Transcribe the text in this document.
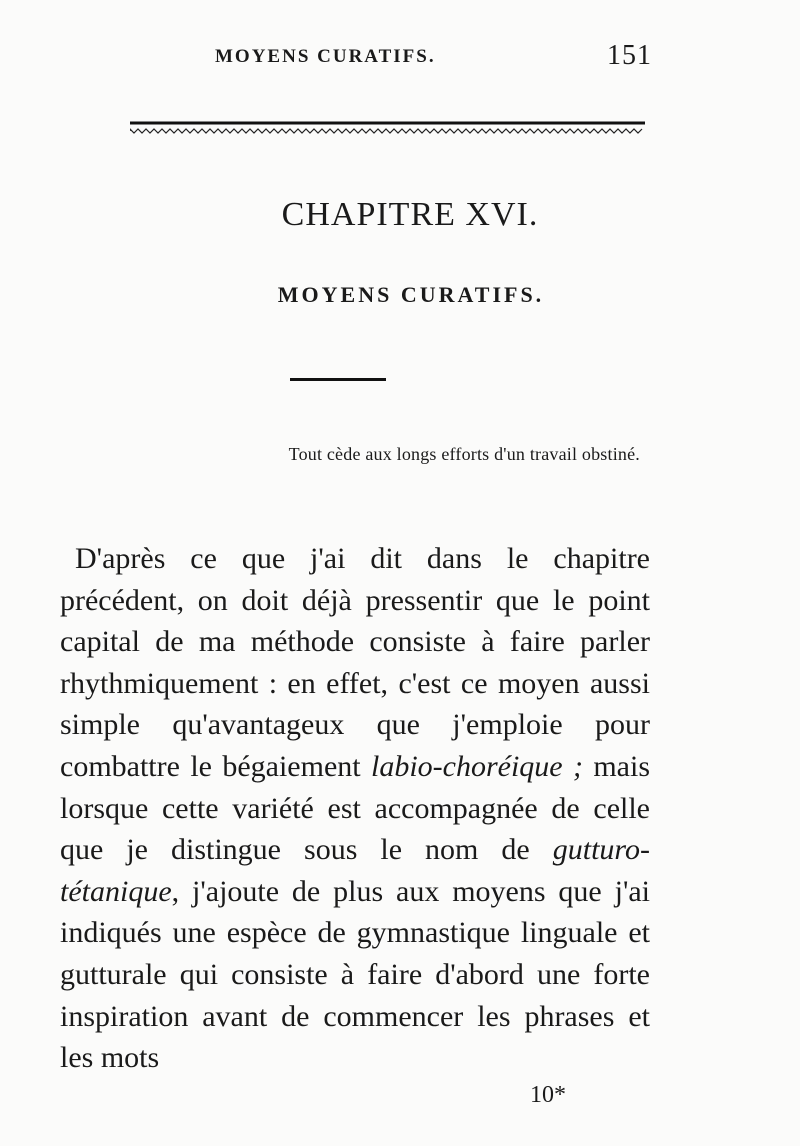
MOYENS CURATIFS.	151
CHAPITRE XVI.
MOYENS CURATIFS.
Tout cède aux longs efforts d'un travail obstiné.

D'après ce que j'ai dit dans le chapitre précédent, on doit déjà pressentir que le point capital de ma méthode consiste à faire parler rhythmiquement : en effet, c'est ce moyen aussi simple qu'avantageux que j'emploie pour combattre le bégaiement labio-choréique ; mais lorsque cette variété est accompagnée de celle que je distingue sous le nom de gutturo-tétanique, j'ajoute de plus aux moyens que j'ai indiqués une espèce de gymnastique linguale et gutturale qui consiste à faire d'abord une forte inspiration avant de commencer les phrases et les mots

10*
